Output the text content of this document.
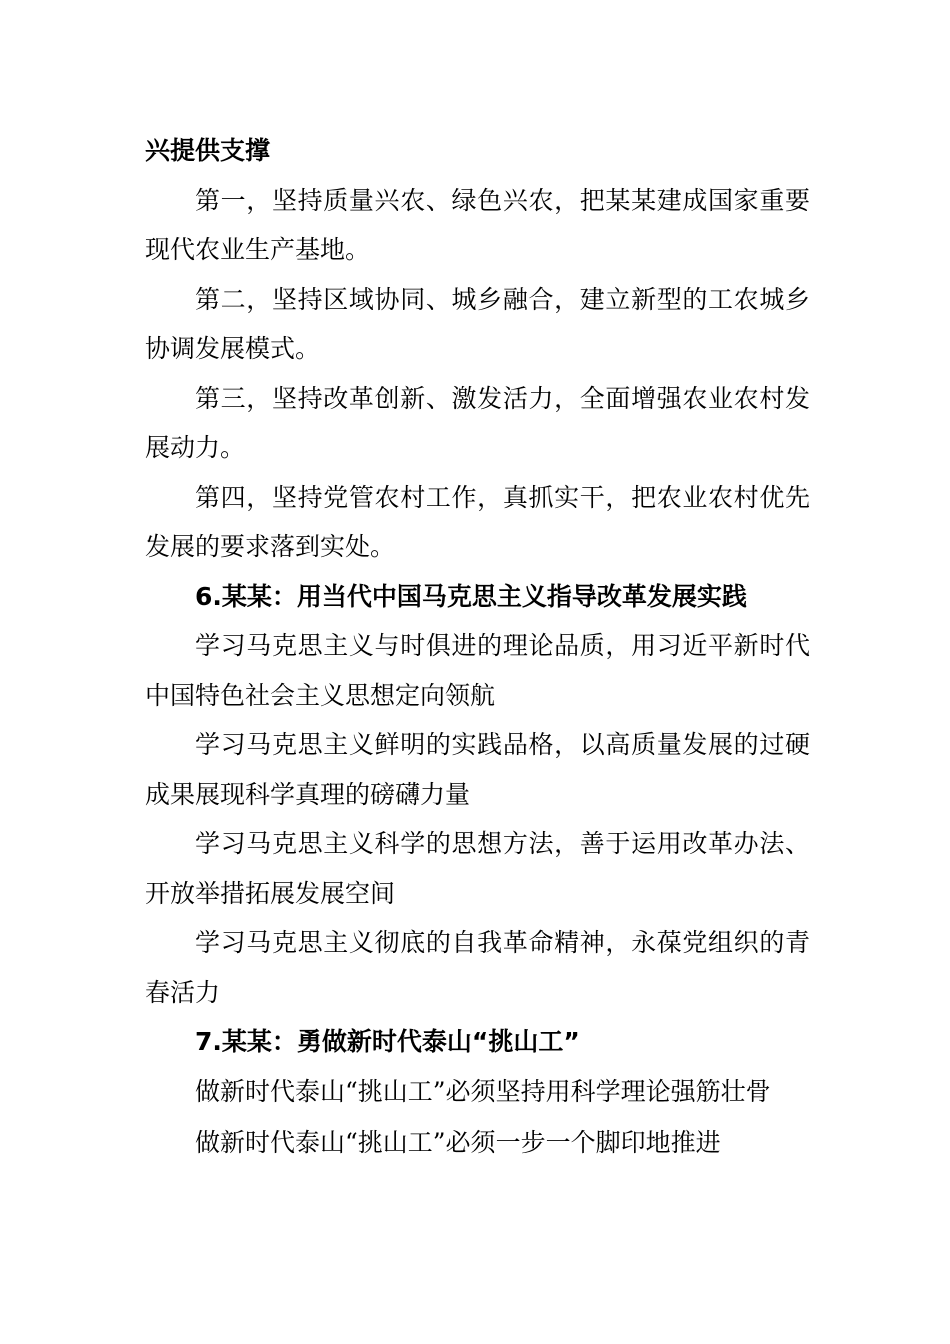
兴提供支撑

第一，坚持质量兴农、绿色兴农，把某某建成国家重要现代农业生产基地。

第二，坚持区域协同、城乡融合，建立新型的工农城乡协调发展模式。

第三，坚持改革创新、激发活力，全面增强农业农村发展动力。

第四，坚持党管农村工作，真抓实干，把农业农村优先发展的要求落到实处。

6.某某：用当代中国马克思主义指导改革发展实践

学习马克思主义与时俱进的理论品质，用习近平新时代中国特色社会主义思想定向领航

学习马克思主义鲜明的实践品格，以高质量发展的过硬成果展现科学真理的磅礴力量

学习马克思主义科学的思想方法，善于运用改革办法、开放举措拓展发展空间

学习马克思主义彻底的自我革命精神，永葆党组织的青春活力

7.某某：勇做新时代泰山“挑山工”

做新时代泰山“挑山工”必须坚持用科学理论强筋壮骨

做新时代泰山“挑山工”必须一步一个脚印地推进
